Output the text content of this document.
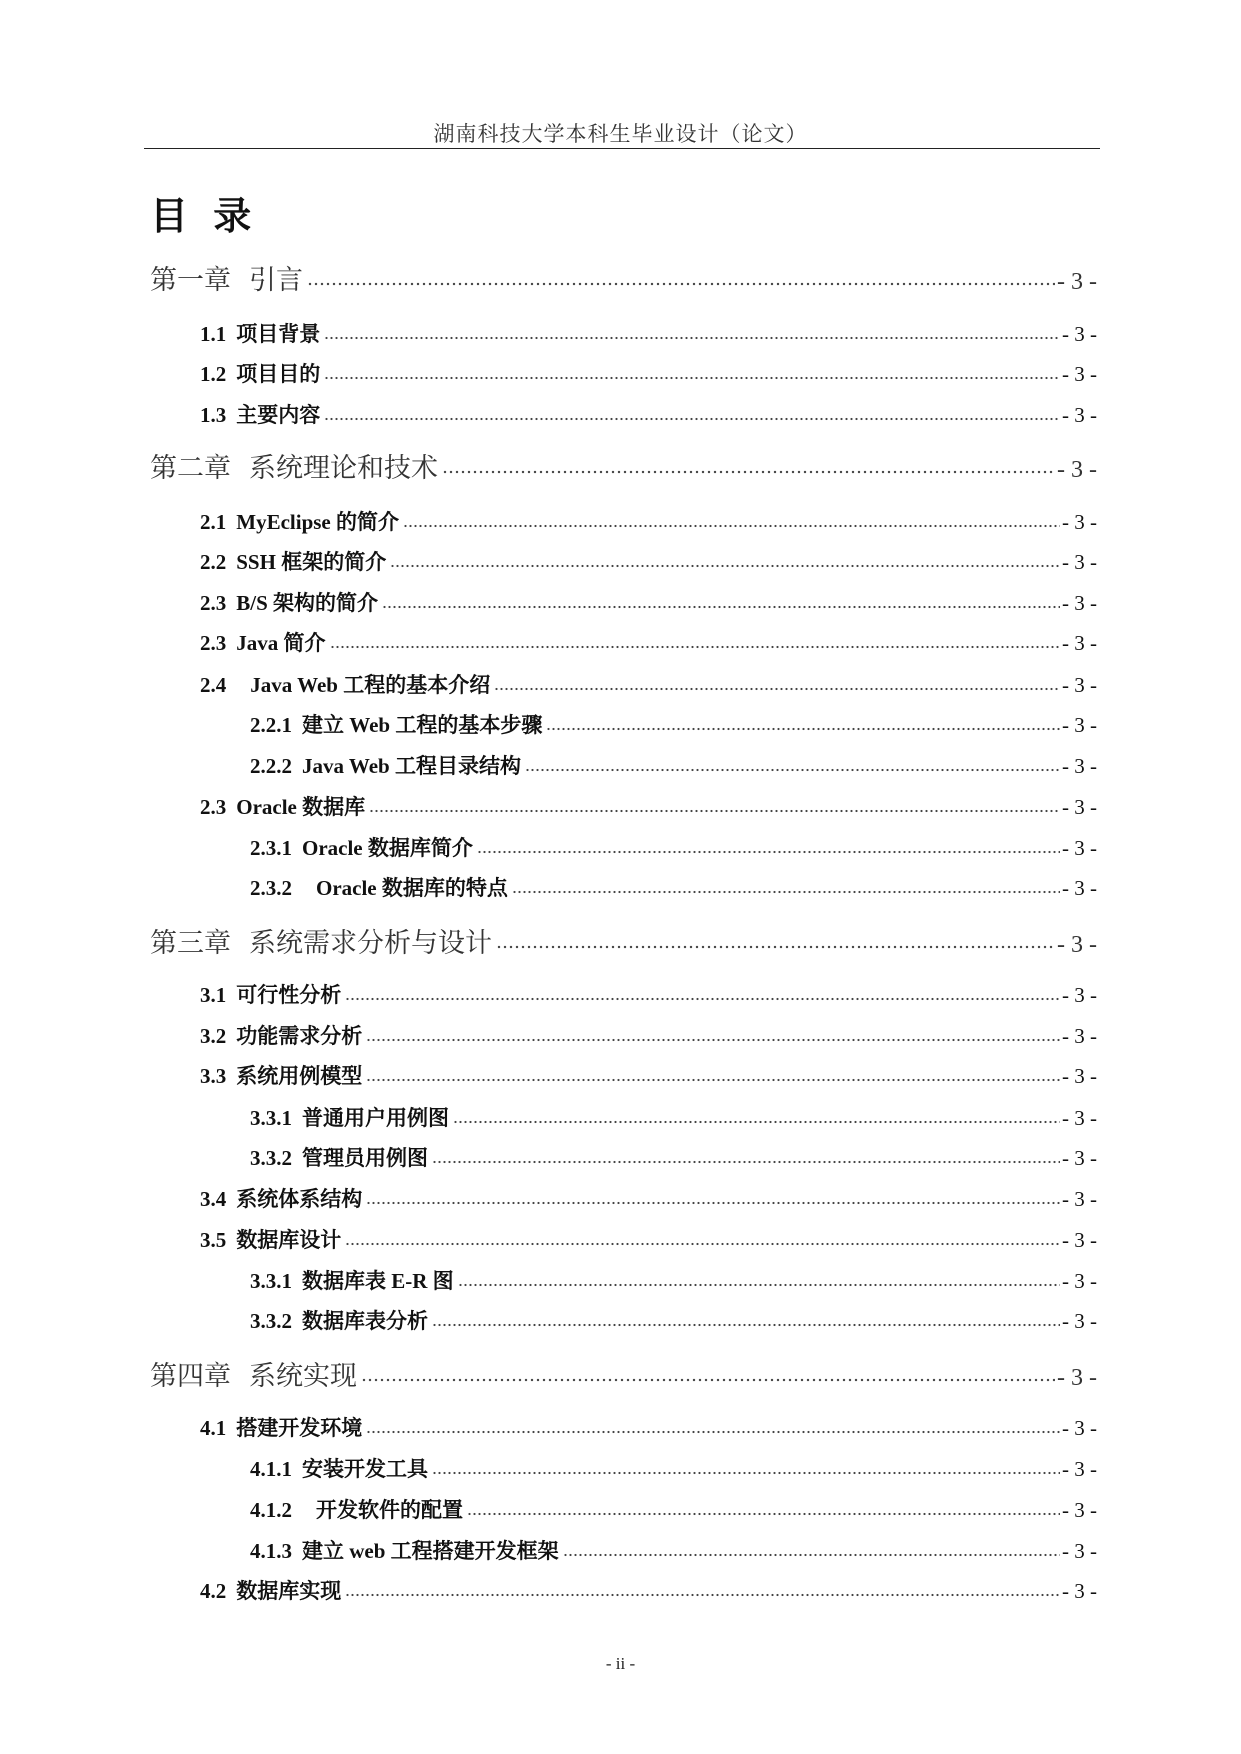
湖南科技大学本科生毕业设计（论文）
目 录
第一章 引言	- 3 -
1.1 项目背景	- 3 -
1.2 项目目的	- 3 -
1.3 主要内容	- 3 -
第二章 系统理论和技术	- 3 -
2.1 MyEclipse 的简介	- 3 -
2.2 SSH 框架的简介	- 3 -
2.3 B/S 架构的简介	- 3 -
2.3 Java 简介	- 3 -
2.4 Java Web 工程的基本介绍	- 3 -
2.2.1 建立 Web 工程的基本步骤	- 3 -
2.2.2 Java Web 工程目录结构	- 3 -
2.3 Oracle 数据库	- 3 -
2.3.1 Oracle 数据库简介	- 3 -
2.3.2 Oracle 数据库的特点	- 3 -
第三章 系统需求分析与设计	- 3 -
3.1 可行性分析	- 3 -
3.2 功能需求分析	- 3 -
3.3 系统用例模型	- 3 -
3.3.1 普通用户用例图	- 3 -
3.3.2 管理员用例图	- 3 -
3.4 系统体系结构	- 3 -
3.5 数据库设计	- 3 -
3.3.1 数据库表 E-R 图	- 3 -
3.3.2 数据库表分析	- 3 -
第四章 系统实现	- 3 -
4.1 搭建开发环境	- 3 -
4.1.1 安装开发工具	- 3 -
4.1.2 开发软件的配置	- 3 -
4.1.3 建立 web 工程搭建开发框架	- 3 -
4.2 数据库实现	- 3 -
- ii -
